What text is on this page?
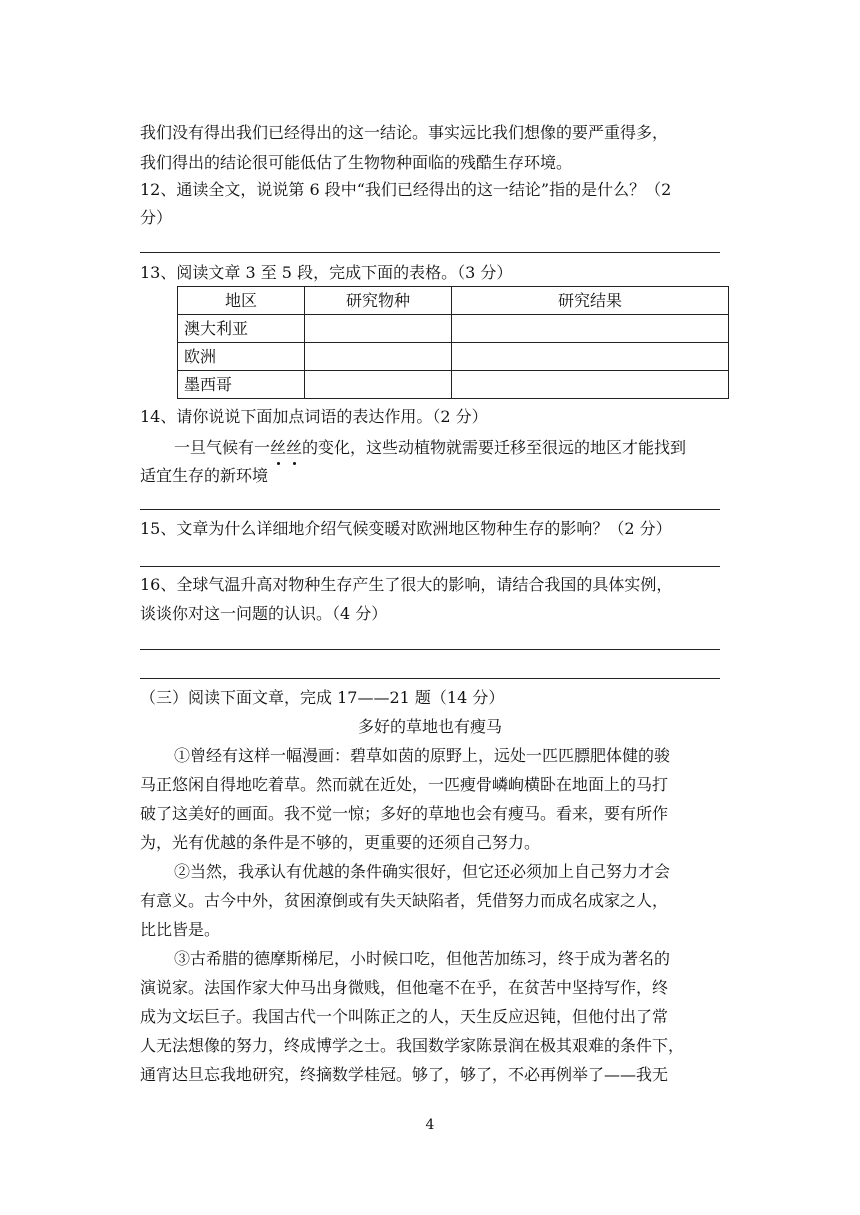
我们没有得出我们已经得出的这一结论。事实远比我们想像的要严重得多，
我们得出的结论很可能低估了生物物种面临的残酷生存环境。
12、通读全文，说说第 6 段中“我们已经得出的这一结论”指的是什么？（2
分）
13、阅读文章 3 至 5 段，完成下面的表格。（3 分）
地区	研究物种	研究结果
澳大利亚		
欧洲		
墨西哥		
14、请你说说下面加点词语的表达作用。（2 分）
一旦气候有一丝丝的变化，这些动植物就需要迁移至很远的地区才能找到
适宜生存的新环境
15、文章为什么详细地介绍气候变暖对欧洲地区物种生存的影响？（2 分）
16、全球气温升高对物种生存产生了很大的影响，请结合我国的具体实例，
谈谈你对这一问题的认识。（4 分）
（三）阅读下面文章，完成 17——21 题（14 分）
多好的草地也有瘦马
①曾经有这样一幅漫画：碧草如茵的原野上，远处一匹匹膘肥体健的骏
马正悠闲自得地吃着草。然而就在近处，一匹瘦骨嶙峋横卧在地面上的马打
破了这美好的画面。我不觉一惊；多好的草地也会有瘦马。看来，要有所作
为，光有优越的条件是不够的，更重要的还须自己努力。
②当然，我承认有优越的条件确实很好，但它还必须加上自己努力才会
有意义。古今中外，贫困潦倒或有失天缺陷者，凭借努力而成名成家之人，
比比皆是。
③古希腊的德摩斯梯尼，小时候口吃，但他苦加练习，终于成为著名的
演说家。法国作家大仲马出身微贱，但他毫不在乎，在贫苦中坚持写作，终
成为文坛巨子。我国古代一个叫陈正之的人，天生反应迟钝，但他付出了常
人无法想像的努力，终成博学之士。我国数学家陈景润在极其艰难的条件下，
通宵达旦忘我地研究，终摘数学桂冠。够了，够了，不必再例举了——我无
4
